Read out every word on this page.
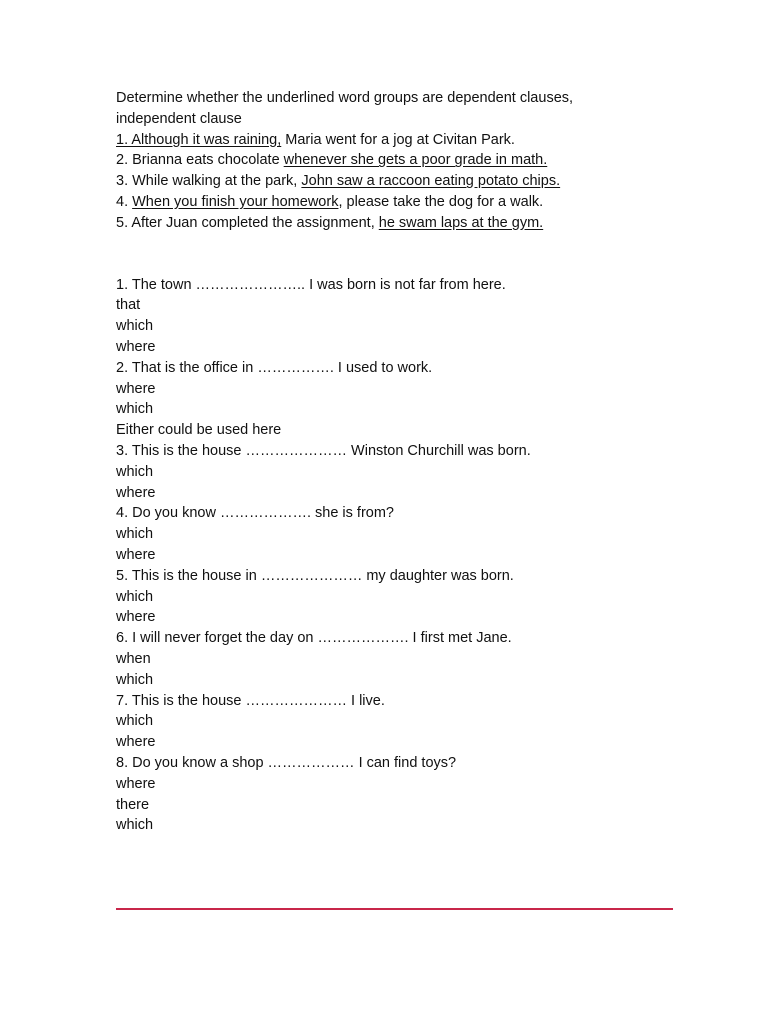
Determine whether the underlined word groups are dependent clauses,
independent clause
1. Although it was raining, Maria went for a jog at Civitan Park.
2. Brianna eats chocolate whenever she gets a poor grade in math.
3. While walking at the park, John saw a raccoon eating potato chips.
4. When you finish your homework, please take the dog for a walk.
5. After Juan completed the assignment, he swam laps at the gym.
1. The town ………………….. I was born is not far from here.
that
which
where
2. That is the office in ……………. I used to work.
where
which
Either could be used here
3. This is the house ………………… Winston Churchill was born.
which
where
4. Do you know ………………. she is from?
which
where
5. This is the house in ………………… my daughter was born.
which
where
6. I will never forget the day on ………………. I first met Jane.
when
which
7. This is the house ………………… I live.
which
where
8. Do you know a shop ……………… I can find toys?
where
there
which
